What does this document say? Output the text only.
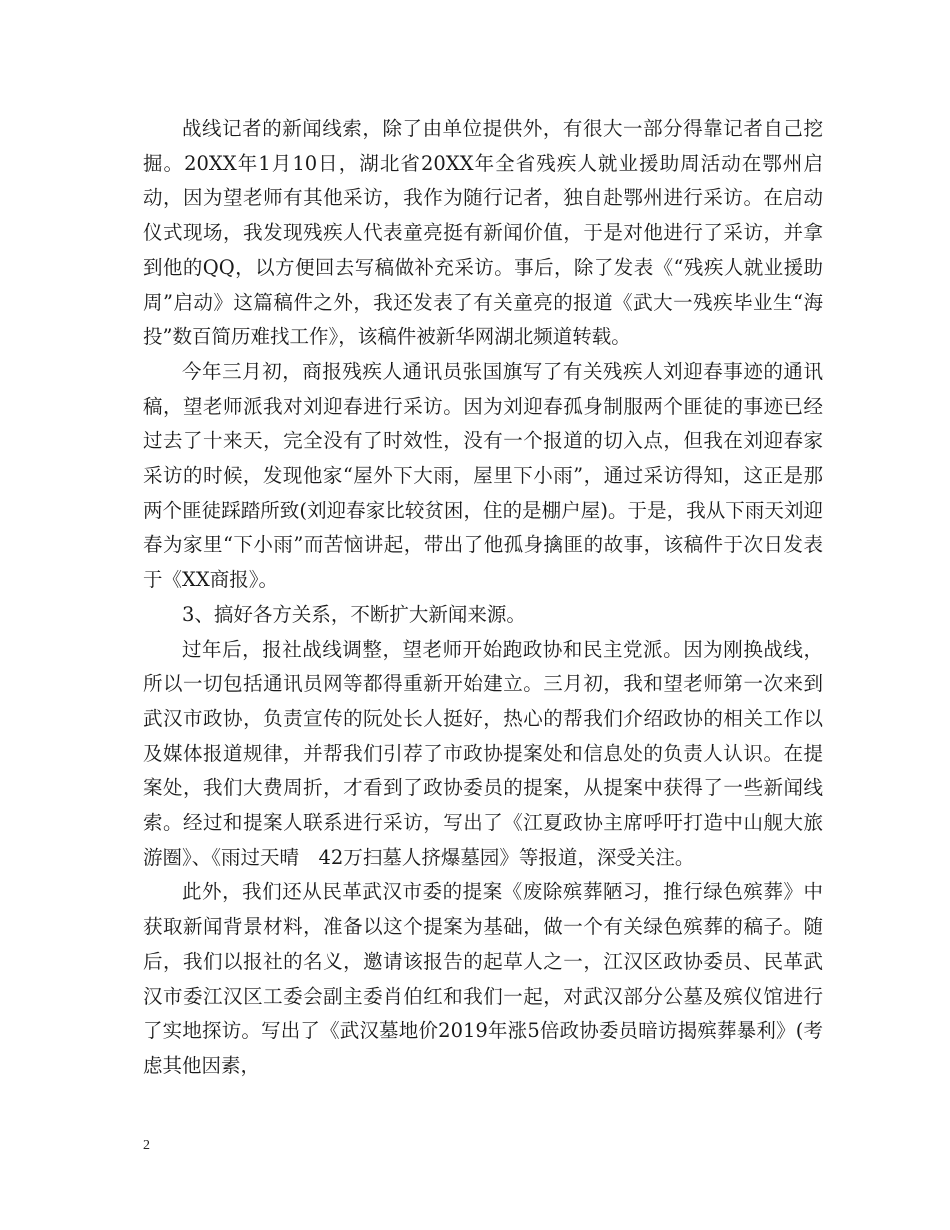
战线记者的新闻线索，除了由单位提供外，有很大一部分得靠记者自己挖掘。20XX年1月10日，湖北省20XX年全省残疾人就业援助周活动在鄂州启动，因为望老师有其他采访，我作为随行记者，独自赴鄂州进行采访。在启动仪式现场，我发现残疾人代表童亮挺有新闻价值，于是对他进行了采访，并拿到他的QQ，以方便回去写稿做补充采访。事后，除了发表《“残疾人就业援助周”启动》这篇稿件之外，我还发表了有关童亮的报道《武大一残疾毕业生“海投”数百简历难找工作》，该稿件被新华网湖北频道转载。

今年三月初，商报残疾人通讯员张国旗写了有关残疾人刘迎春事迹的通讯稿，望老师派我对刘迎春进行采访。因为刘迎春孤身制服两个匪徒的事迹已经过去了十来天，完全没有了时效性，没有一个报道的切入点，但我在刘迎春家采访的时候，发现他家“屋外下大雨，屋里下小雨”，通过采访得知，这正是那两个匪徒踩踏所致(刘迎春家比较贫困，住的是棚户屋)。于是，我从下雨天刘迎春为家里“下小雨”而苦恼讲起，带出了他孤身擒匪的故事，该稿件于次日发表于《XX商报》。

3、搞好各方关系，不断扩大新闻来源。

过年后，报社战线调整，望老师开始跑政协和民主党派。因为刚换战线，所以一切包括通讯员网等都得重新开始建立。三月初，我和望老师第一次来到武汉市政协，负责宣传的阮处长人挺好，热心的帮我们介绍政协的相关工作以及媒体报道规律，并帮我们引荐了市政协提案处和信息处的负责人认识。在提案处，我们大费周折，才看到了政协委员的提案，从提案中获得了一些新闻线索。经过和提案人联系进行采访，写出了《江夏政协主席呼吁打造中山舰大旅游圈》、《雨过天晴　42万扫墓人挤爆墓园》等报道，深受关注。

此外，我们还从民革武汉市委的提案《废除殡葬陋习，推行绿色殡葬》中获取新闻背景材料，准备以这个提案为基础，做一个有关绿色殡葬的稿子。随后，我们以报社的名义，邀请该报告的起草人之一，江汉区政协委员、民革武汉市委江汉区工委会副主委肖伯红和我们一起，对武汉部分公墓及殡仪馆进行了实地探访。写出了《武汉墓地价2019年涨5倍政协委员暗访揭殡葬暴利》(考虑其他因素，

2
